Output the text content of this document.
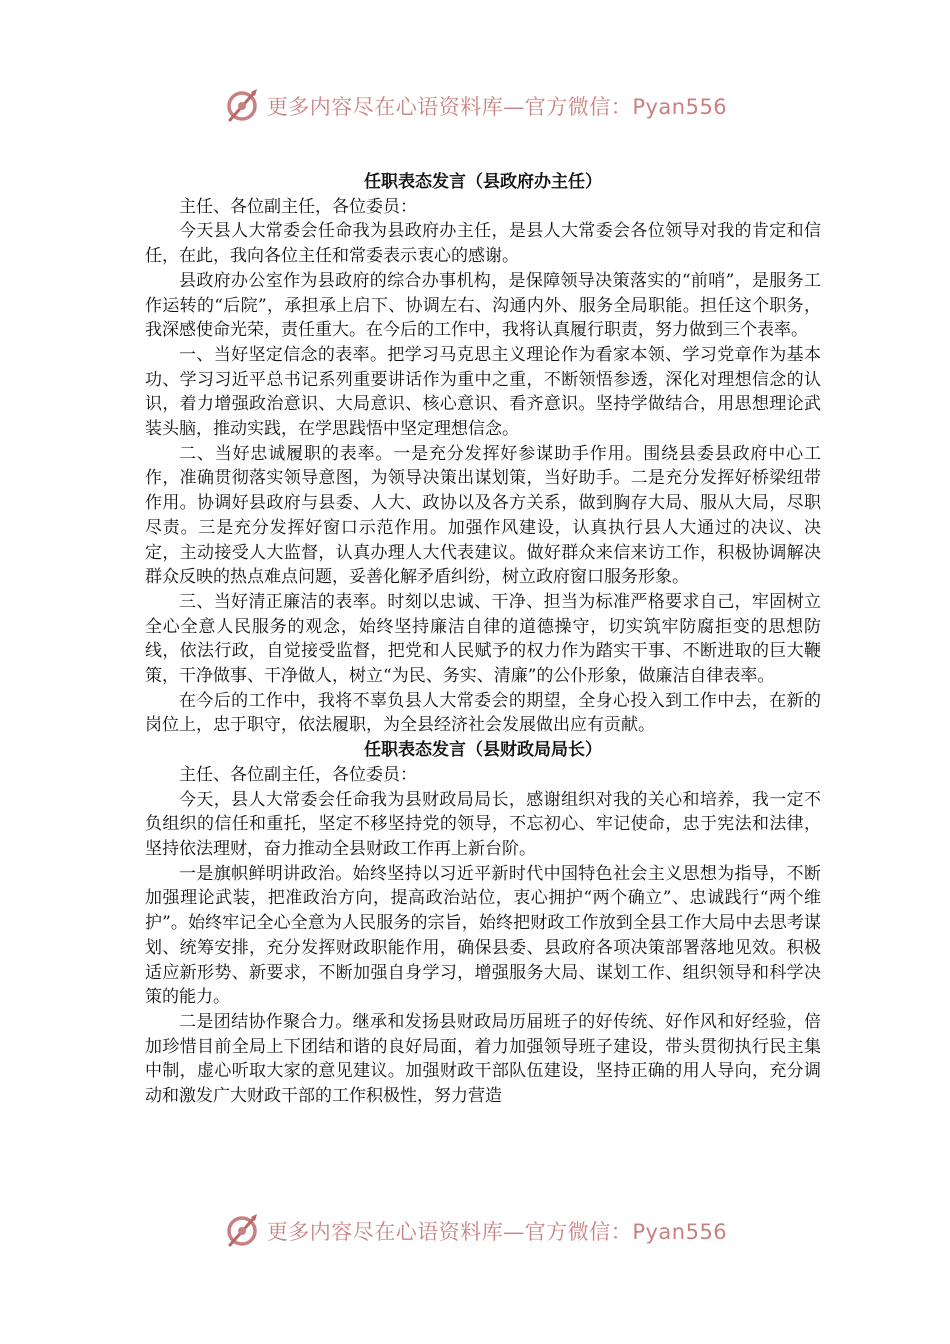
更多内容尽在心语资料库—官方微信：Pyan556
任职表态发言（县政府办主任）

主任、各位副主任，各位委员：

今天县人大常委会任命我为县政府办主任，是县人大常委会各位领导对我的肯定和信任，在此，我向各位主任和常委表示衷心的感谢。

县政府办公室作为县政府的综合办事机构，是保障领导决策落实的“前哨”，是服务工作运转的“后院”，承担承上启下、协调左右、沟通内外、服务全局职能。担任这个职务，我深感使命光荣，责任重大。在今后的工作中，我将认真履行职责，努力做到三个表率。

一、当好坚定信念的表率。把学习马克思主义理论作为看家本领、学习党章作为基本功、学习习近平总书记系列重要讲话作为重中之重，不断领悟参透，深化对理想信念的认识，着力增强政治意识、大局意识、核心意识、看齐意识。坚持学做结合，用思想理论武装头脑，推动实践，在学思践悟中坚定理想信念。

二、当好忠诚履职的表率。一是充分发挥好参谋助手作用。围绕县委县政府中心工作，准确贯彻落实领导意图，为领导决策出谋划策，当好助手。二是充分发挥好桥梁纽带作用。协调好县政府与县委、人大、政协以及各方关系，做到胸存大局、服从大局，尽职尽责。三是充分发挥好窗口示范作用。加强作风建设，认真执行县人大通过的决议、决定，主动接受人大监督，认真办理人大代表建议。做好群众来信来访工作，积极协调解决群众反映的热点难点问题，妥善化解矛盾纠纷，树立政府窗口服务形象。

三、当好清正廉洁的表率。时刻以忠诚、干净、担当为标准严格要求自己，牢固树立全心全意人民服务的观念，始终坚持廉洁自律的道德操守，切实筑牢防腐拒变的思想防线，依法行政，自觉接受监督，把党和人民赋予的权力作为踏实干事、不断进取的巨大鞭策，干净做事、干净做人，树立“为民、务实、清廉”的公仆形象，做廉洁自律表率。

在今后的工作中，我将不辜负县人大常委会的期望，全身心投入到工作中去，在新的岗位上，忠于职守，依法履职，为全县经济社会发展做出应有贡献。

任职表态发言（县财政局局长）

主任、各位副主任，各位委员：

今天，县人大常委会任命我为县财政局局长，感谢组织对我的关心和培养，我一定不负组织的信任和重托，坚定不移坚持党的领导，不忘初心、牢记使命，忠于宪法和法律，坚持依法理财，奋力推动全县财政工作再上新台阶。

一是旗帜鲜明讲政治。始终坚持以习近平新时代中国特色社会主义思想为指导，不断加强理论武装，把准政治方向，提高政治站位，衷心拥护“两个确立”、忠诚践行“两个维护”。始终牢记全心全意为人民服务的宗旨，始终把财政工作放到全县工作大局中去思考谋划、统筹安排，充分发挥财政职能作用，确保县委、县政府各项决策部署落地见效。积极适应新形势、新要求，不断加强自身学习，增强服务大局、谋划工作、组织领导和科学决策的能力。

二是团结协作聚合力。继承和发扬县财政局历届班子的好传统、好作风和好经验，倍加珍惜目前全局上下团结和谐的良好局面，着力加强领导班子建设，带头贯彻执行民主集中制，虚心听取大家的意见建议。加强财政干部队伍建设，坚持正确的用人导向，充分调动和激发广大财政干部的工作积极性，努力营造

更多内容尽在心语资料库—官方微信：Pyan556
